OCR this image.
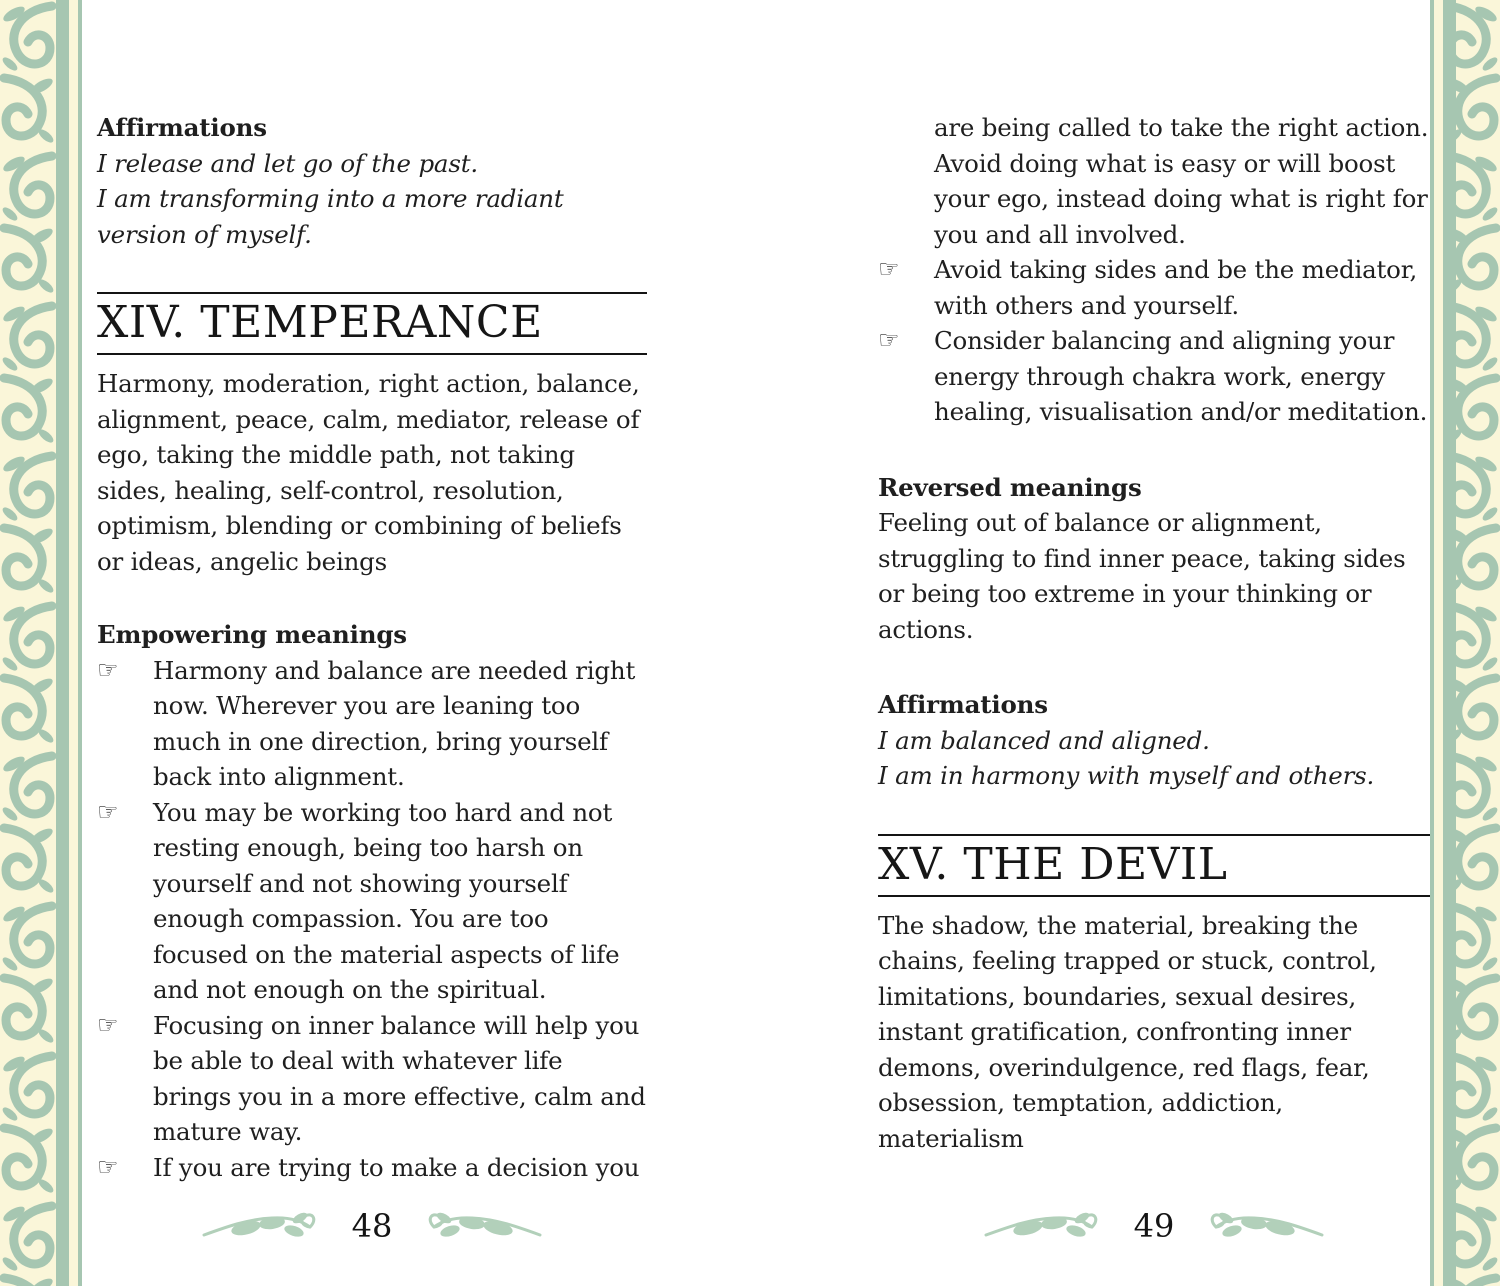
Affirmations

I release and let go of the past.

I am transforming into a more radiant version of myself.

XIV. TEMPERANCE

Harmony, moderation, right action, balance, alignment, peace, calm, mediator, release of ego, taking the middle path, not taking sides, healing, self-control, resolution, optimism, blending or combining of beliefs or ideas, angelic beings

Empowering meanings
☞	Harmony and balance are needed right now. Wherever you are leaning too much in one direction, bring yourself back into alignment.
☞	You may be working too hard and not resting enough, being too harsh on yourself and not showing yourself enough compassion. You are too focused on the material aspects of life and not enough on the spiritual.
☞	Focusing on inner balance will help you be able to deal with whatever life brings you in a more effective, calm and mature way.
☞	If you are trying to make a decision you
48

are being called to take the right action. Avoid doing what is easy or will boost your ego, instead doing what is right for you and all involved.

☞	Avoid taking sides and be the mediator, with others and yourself.
☞	Consider balancing and aligning your energy through chakra work, energy healing, visualisation and/or meditation.
Reversed meanings

Feeling out of balance or alignment, struggling to find inner peace, taking sides or being too extreme in your thinking or actions.

Affirmations

I am balanced and aligned.

I am in harmony with myself and others.

XV. THE DEVIL

The shadow, the material, breaking the chains, feeling trapped or stuck, control, limitations, boundaries, sexual desires, instant gratification, confronting inner demons, overindulgence, red flags, fear, obsession, temptation, addiction, materialism

49
